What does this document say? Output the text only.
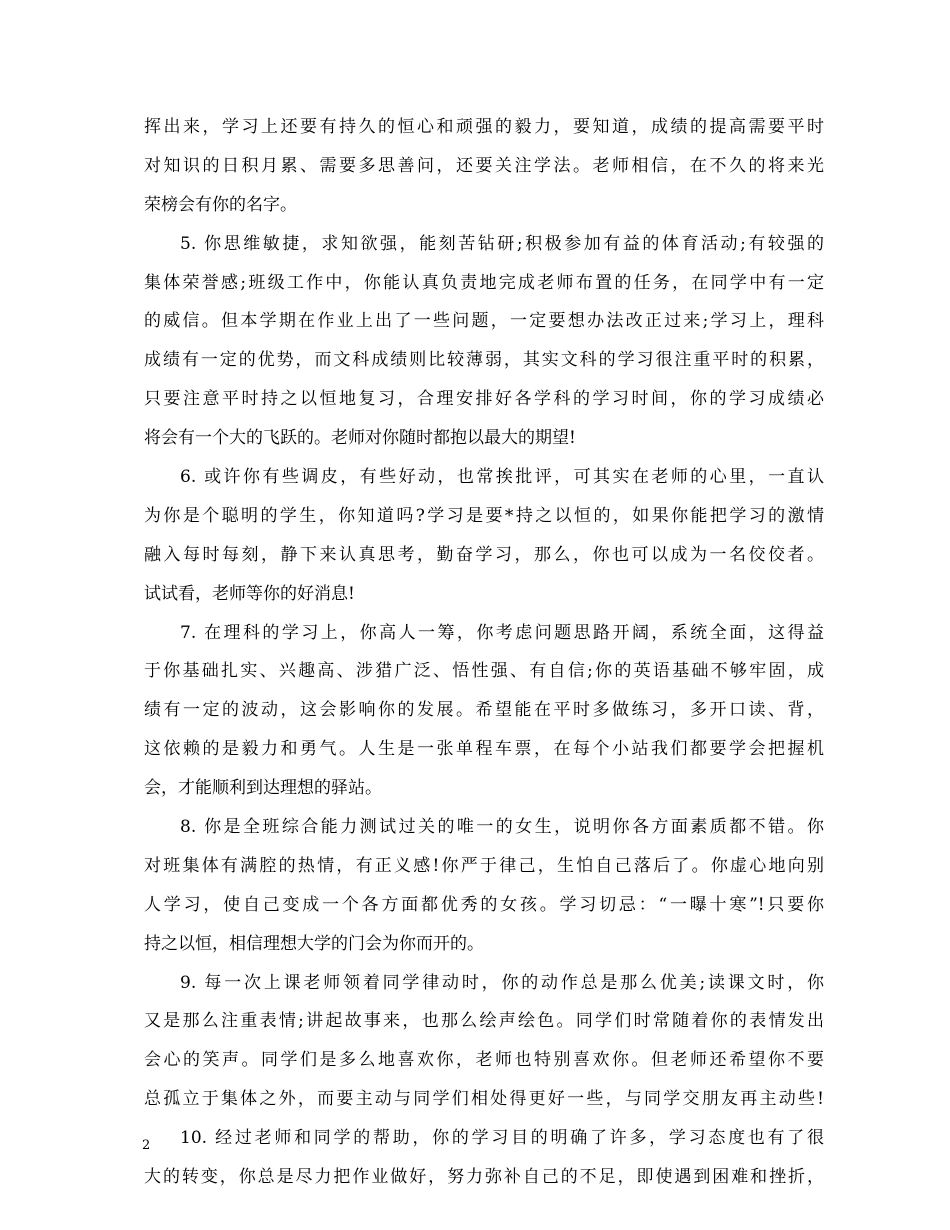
挥出来，学习上还要有持久的恒心和顽强的毅力，要知道，成绩的提高需要平时
对知识的日积月累、需要多思善问，还要关注学法。老师相信，在不久的将来光
荣榜会有你的名字。
5. 你思维敏捷，求知欲强，能刻苦钻研;积极参加有益的体育活动;有较强的
集体荣誉感;班级工作中，你能认真负责地完成老师布置的任务，在同学中有一定
的威信。但本学期在作业上出了一些问题，一定要想办法改正过来;学习上，理科
成绩有一定的优势，而文科成绩则比较薄弱，其实文科的学习很注重平时的积累，
只要注意平时持之以恒地复习，合理安排好各学科的学习时间，你的学习成绩必
将会有一个大的飞跃的。老师对你随时都抱以最大的期望!
6. 或许你有些调皮，有些好动，也常挨批评，可其实在老师的心里，一直认
为你是个聪明的学生，你知道吗?学习是要*持之以恒的，如果你能把学习的激情
融入每时每刻，静下来认真思考，勤奋学习，那么，你也可以成为一名佼佼者。
试试看，老师等你的好消息!
7. 在理科的学习上，你高人一筹，你考虑问题思路开阔，系统全面，这得益
于你基础扎实、兴趣高、涉猎广泛、悟性强、有自信;你的英语基础不够牢固，成
绩有一定的波动，这会影响你的发展。希望能在平时多做练习，多开口读、背，
这依赖的是毅力和勇气。人生是一张单程车票，在每个小站我们都要学会把握机
会，才能顺利到达理想的驿站。
8. 你是全班综合能力测试过关的唯一的女生，说明你各方面素质都不错。你
对班集体有满腔的热情，有正义感!你严于律己，生怕自己落后了。你虚心地向别
人学习，使自己变成一个各方面都优秀的女孩。学习切忌：“一曝十寒”!只要你
持之以恒，相信理想大学的门会为你而开的。
9. 每一次上课老师领着同学律动时，你的动作总是那么优美;读课文时，你
又是那么注重表情;讲起故事来，也那么绘声绘色。同学们时常随着你的表情发出
会心的笑声。同学们是多么地喜欢你，老师也特别喜欢你。但老师还希望你不要
总孤立于集体之外，而要主动与同学们相处得更好一些，与同学交朋友再主动些!
10. 经过老师和同学的帮助，你的学习目的明确了许多，学习态度也有了很
大的转变，你总是尽力把作业做好，努力弥补自己的不足，即使遇到困难和挫折，
2
